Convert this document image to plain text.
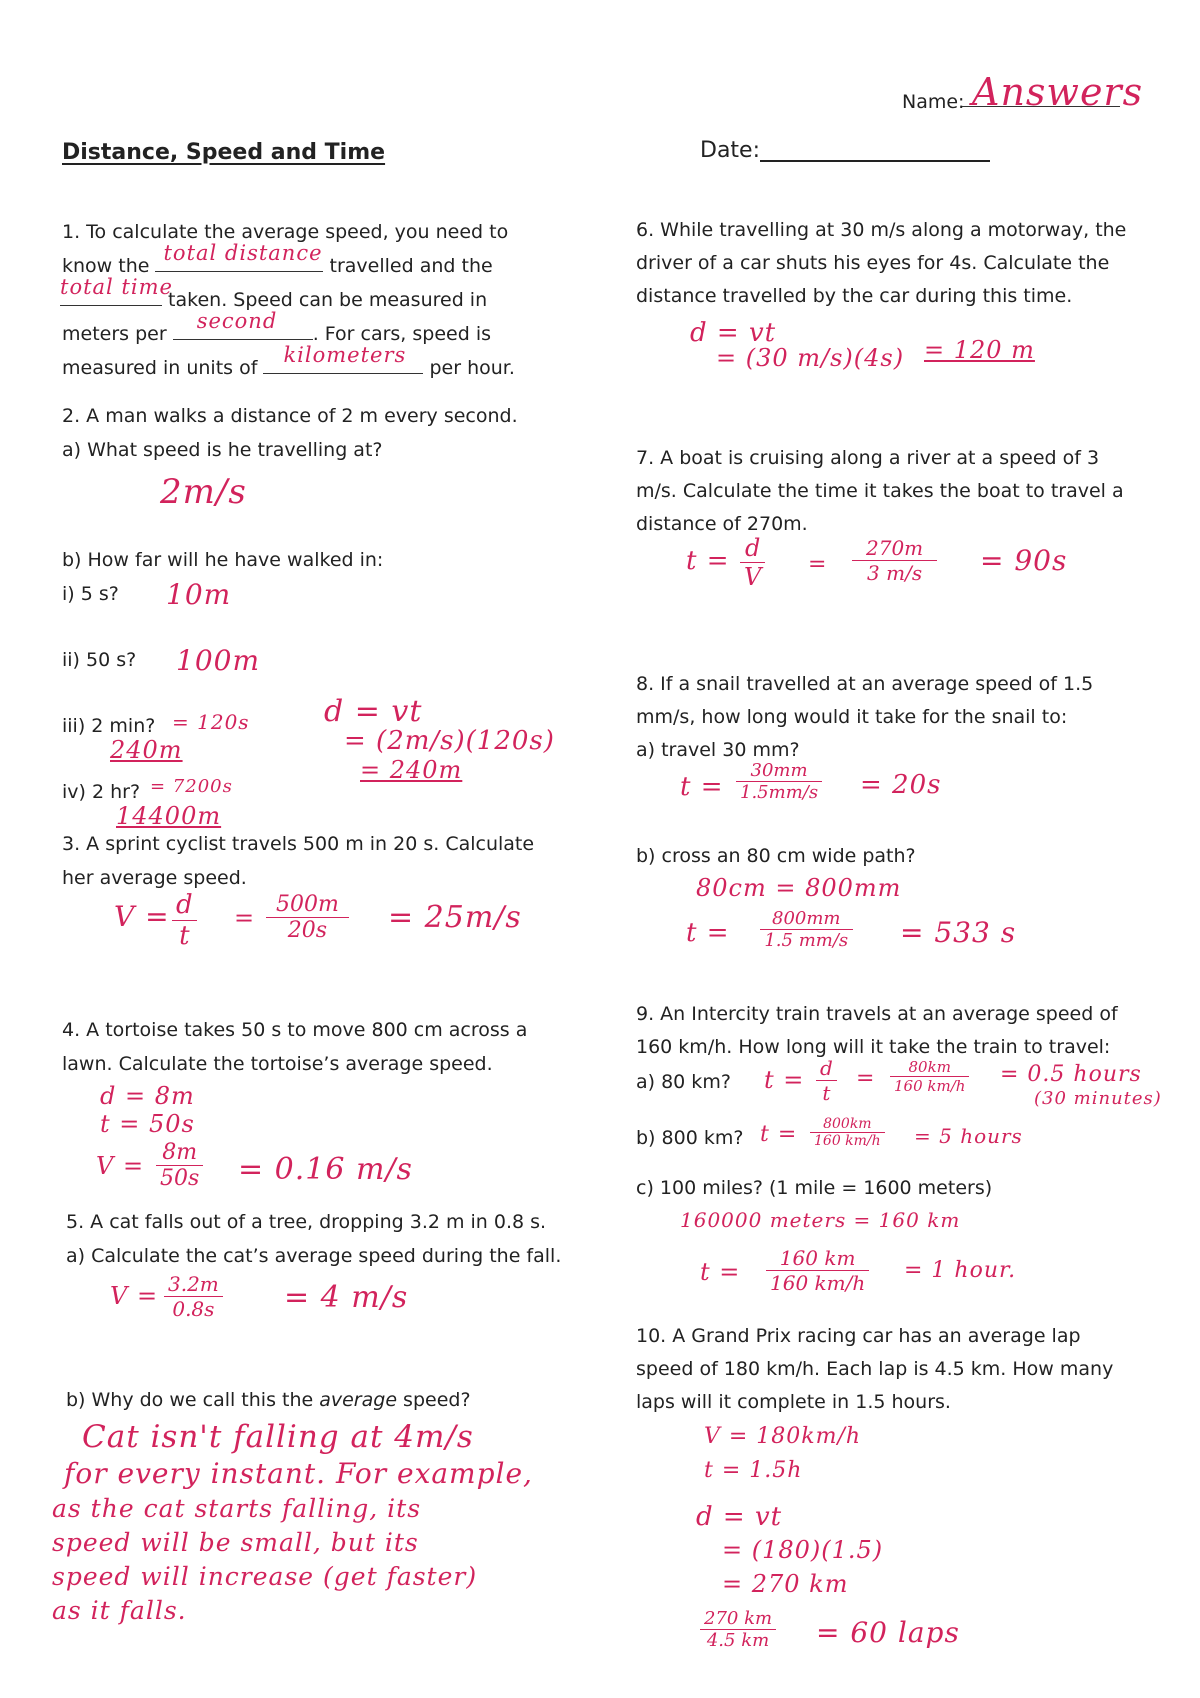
Name: Answers
Distance, Speed and Time	Date:
1. To calculate the average speed, you need to
know the
total distance
travelled and the
total time
taken. Speed can be measured in
meters per
second
. For cars, speed is
measured in units of
kilometers
per hour.
2. A man walks a distance of 2 m every second.
a) What speed is he travelling at?
2m/s
b) How far will he have walked in:
i) 5 s? 10m
ii) 50 s? 100m
iii) 2 min? = 120s
240m
d = vt
= (2m/s)(120s)
= 240m
iv) 2 hr? = 7200s
14400m
3. A sprint cyclist travels 500 m in 20 s. Calculate
her average speed.
$V = \frac{d}{t} = \frac{500m}{20s} = 25m/s$
4. A tortoise takes 50 s to move 800 cm across a
lawn. Calculate the tortoise’s average speed.
d = 8m
t = 50s
$V = \frac{8m}{50s} = 0.16$ m/s
5. A cat falls out of a tree, dropping 3.2 m in 0.8 s.
a) Calculate the cat’s average speed during the fall.
$V = \frac{3.2m}{0.8s} = 4$ m/s
b) Why do we call this the average speed?
Cat isn't falling at 4m/s
for every instant. For example,
as the cat starts falling, its
speed will be small, but its
speed will increase (get faster)
as it falls.
6. While travelling at 30 m/s along a motorway, the
driver of a car shuts his eyes for 4s. Calculate the
distance travelled by the car during this time.
d = vt
= (30 m/s)(4s) = 120 m
7. A boat is cruising along a river at a speed of 3
m/s. Calculate the time it takes the boat to travel a
distance of 270m.
$t = \frac{d}{V} = \frac{270m}{3 m/s} = 90s$
8. If a snail travelled at an average speed of 1.5
mm/s, how long would it take for the snail to:
a) travel 30 mm?
$t = \frac{30mm}{1.5mm/s} = 20s$
b) cross an 80 cm wide path?
80cm = 800mm
$t = \frac{800mm}{1.5 mm/s} = 533$ s
9. An Intercity train travels at an average speed of
160 km/h. How long will it take the train to travel:
a) 80 km? $t = \frac{d}{t} = \frac{80km}{160 km/h} = 0.5$ hours
(30 minutes)
b) 800 km? $t = \frac{800km}{160 km/h} = 5$ hours
c) 100 miles? (1 mile = 1600 meters)
160000 meters = 160 km
$t = \frac{160 km}{160 km/h} = 1$ hour.
10. A Grand Prix racing car has an average lap
speed of 180 km/h. Each lap is 4.5 km. How many
laps will it complete in 1.5 hours.
V = 180km/h
t = 1.5h
d = vt
= (180)(1.5)
= 270 km
$\frac{270 km}{4.5 km} = 60$ laps
